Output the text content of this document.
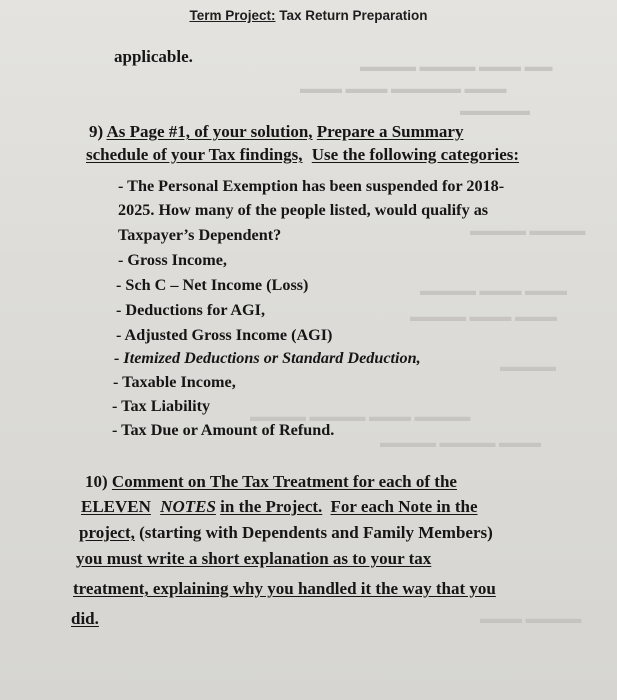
▬▬ ▬▬▬ ▬▬▬▬ ▬▬▬▬
▬▬▬ ▬▬▬▬▬ ▬▬▬ ▬▬▬
▬▬▬▬▬
▬▬▬▬ ▬▬▬▬
▬▬▬ ▬▬▬ ▬▬▬▬
▬▬▬ ▬▬▬ ▬▬▬▬
▬▬▬▬
▬▬▬▬ ▬▬▬ ▬▬▬▬ ▬▬▬▬
▬▬▬ ▬▬▬▬ ▬▬▬▬
▬▬▬▬ ▬▬▬
Term Project: Tax Return Preparation
applicable.
9) As Page #1, of your solution, Prepare a Summary
schedule of your Tax findings, Use the following categories:
- The Personal Exemption has been suspended for 2018-
2025. How many of the people listed, would qualify as
Taxpayer’s Dependent?
- Gross Income,
- Sch C – Net Income (Loss)
- Deductions for AGI,
- Adjusted Gross Income (AGI)
- Itemized Deductions or Standard Deduction,
- Taxable Income,
- Tax Liability
- Tax Due or Amount of Refund.
10) Comment on The Tax Treatment for each of the
ELEVEN NOTES in the Project. For each Note in the
project, (starting with Dependents and Family Members)
you must write a short explanation as to your tax
treatment, explaining why you handled it the way that you
did.
